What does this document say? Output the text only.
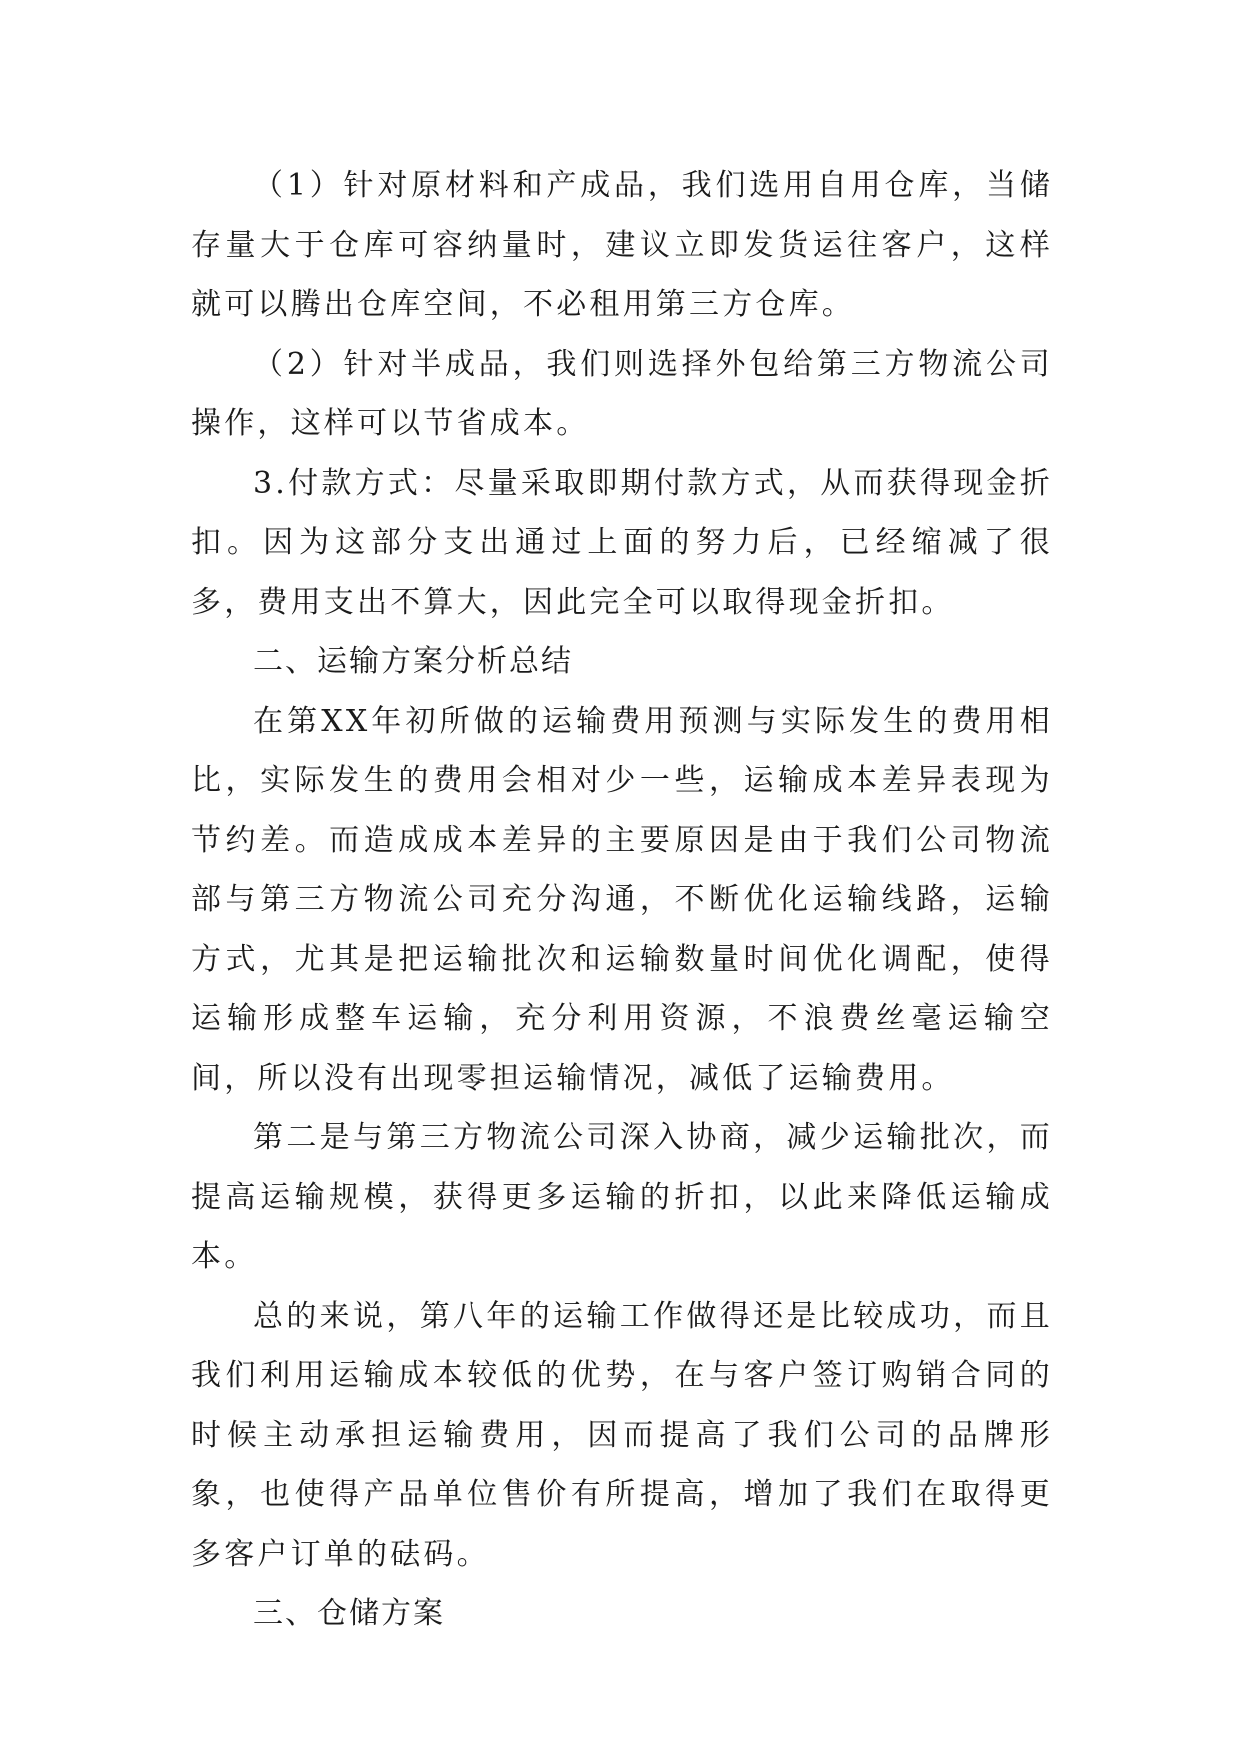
（1）针对原材料和产成品，我们选用自用仓库，当储存量大于仓库可容纳量时，建议立即发货运往客户，这样就可以腾出仓库空间，不必租用第三方仓库。

（2）针对半成品，我们则选择外包给第三方物流公司操作，这样可以节省成本。

3.付款方式：尽量采取即期付款方式，从而获得现金折扣。因为这部分支出通过上面的努力后，已经缩减了很多，费用支出不算大，因此完全可以取得现金折扣。

二、运输方案分析总结

在第XX年初所做的运输费用预测与实际发生的费用相比，实际发生的费用会相对少一些，运输成本差异表现为节约差。而造成成本差异的主要原因是由于我们公司物流部与第三方物流公司充分沟通，不断优化运输线路，运输方式，尤其是把运输批次和运输数量时间优化调配，使得运输形成整车运输，充分利用资源，不浪费丝毫运输空间，所以没有出现零担运输情况，减低了运输费用。

第二是与第三方物流公司深入协商，减少运输批次，而提高运输规模，获得更多运输的折扣，以此来降低运输成本。

总的来说，第八年的运输工作做得还是比较成功，而且我们利用运输成本较低的优势，在与客户签订购销合同的时候主动承担运输费用，因而提高了我们公司的品牌形象，也使得产品单位售价有所提高，增加了我们在取得更多客户订单的砝码。

三、仓储方案
